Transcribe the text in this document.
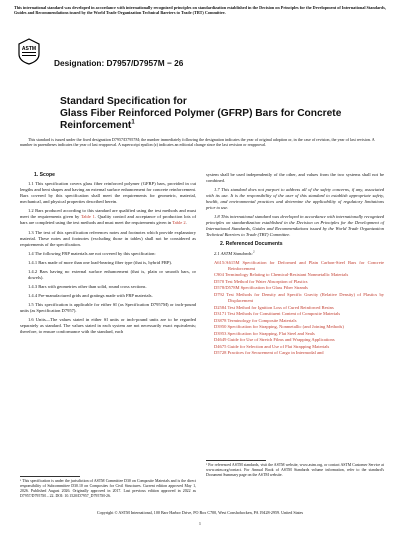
This international standard was developed in accordance with internationally recognized principles on standardization established in the Decision on Principles for the Development of International Standards, Guides and Recommendations issued by the World Trade Organization Technical Barriers to Trade (TBT) Committee.
ASTM
Designation: D7957/D7957M − 26
Standard Specification for
Glass Fiber Reinforced Polymer (GFRP) Bars for Concrete Reinforcement$^1$
This standard is issued under the fixed designation D7957/D7957M; the number immediately following the designation indicates the year of original adoption or, in the case of revision, the year of last revision. A number in parentheses indicates the year of last reapproval. A superscript epsilon (ε) indicates an editorial change since the last revision or reapproval.
1. Scope

1.1 This specification covers glass fiber reinforced polymer (GFRP) bars, provided in cut lengths and bent shapes and having an external surface enhancement for concrete reinforcement. Bars covered by this specification shall meet the requirements for geometric, material, mechanical, and physical properties described herein.

1.2 Bars produced according to this standard are qualified using the test methods and must meet the requirements given by Table 1. Quality control and acceptance of production lots of bars are completed using the test methods and must meet the requirements given in Table 2.

1.3 The text of this specification references notes and footnotes which provide explanatory material. These notes and footnotes (excluding those in tables) shall not be considered as requirements of the specification.

1.4 The following FRP materials are not covered by this specification:

1.4.1 Bars made of more than one load-bearing fiber type (that is, hybrid FRP).

1.4.2 Bars having no external surface enhancement (that is, plain or smooth bars, or dowels).

1.4.3 Bars with geometries other than solid, round cross sections.

1.4.4 Pre-manufactured grids and gratings made with FRP materials.

1.5 This specification is applicable for either SI (as Specification D7957M) or inch-pound units (as Specification D7957).

1.6 Units—The values stated in either SI units or inch-pound units are to be regarded separately as standard. The values stated in each system are not necessarily exact equivalents; therefore, to ensure conformance with the standard, each

system shall be used independently of the other, and values from the two systems shall not be combined.

1.7 This standard does not purport to address all of the safety concerns, if any, associated with its use. It is the responsibility of the user of this standard to establish appropriate safety, health, and environmental practices and determine the applicability of regulatory limitations prior to use.

1.8 This international standard was developed in accordance with internationally recognized principles on standardization established in the Decision on Principles for the Development of International Standards, Guides and Recommendations issued by the World Trade Organization Technical Barriers to Trade (TBT) Committee.

2. Referenced Documents

2.1 ASTM Standards:$^2$

A615/A615M Specification for Deformed and Plain Carbon-Steel Bars for Concrete Reinforcement
C904 Terminology Relating to Chemical-Resistant Nonmetallic Materials
D570 Test Method for Water Absorption of Plastics
D578/D578M Specification for Glass Fiber Strands
D792 Test Methods for Density and Specific Gravity (Relative Density) of Plastics by Displacement
D2584 Test Method for Ignition Loss of Cured Reinforced Resins
D3171 Test Methods for Constituent Content of Composite Materials
D3878 Terminology for Composite Materials
D3950 Specification for Strapping, Nonmetallic (and Joining Methods)
D3953 Specification for Strapping, Flat Steel and Seals
D4649 Guide for Use of Stretch Films and Wrapping Applications
D4675 Guide for Selection and Use of Flat Strapping Materials
D5728 Practices for Securement of Cargo in Intermodal and
¹ This specification is under the jurisdiction of ASTM Committee D30 on Composite Materials and is the direct responsibility of Subcommittee D30.10 on Composites for Civil Structures. Current edition approved May 1, 2026. Published August 2026. Originally approved in 2017. Last previous edition approved in 2022 as D7957/D7957M – 22. DOI: 10.1520/D7957_D7957M-26.
² For referenced ASTM standards, visit the ASTM website, www.astm.org, or contact ASTM Customer Service at www.astm.org/contact. For Annual Book of ASTM Standards volume information, refer to the standard's Document Summary page on the ASTM website.
Copyright © ASTM International, 100 Barr Harbor Drive, PO Box C700, West Conshohocken, PA 19428-2959. United States
1
